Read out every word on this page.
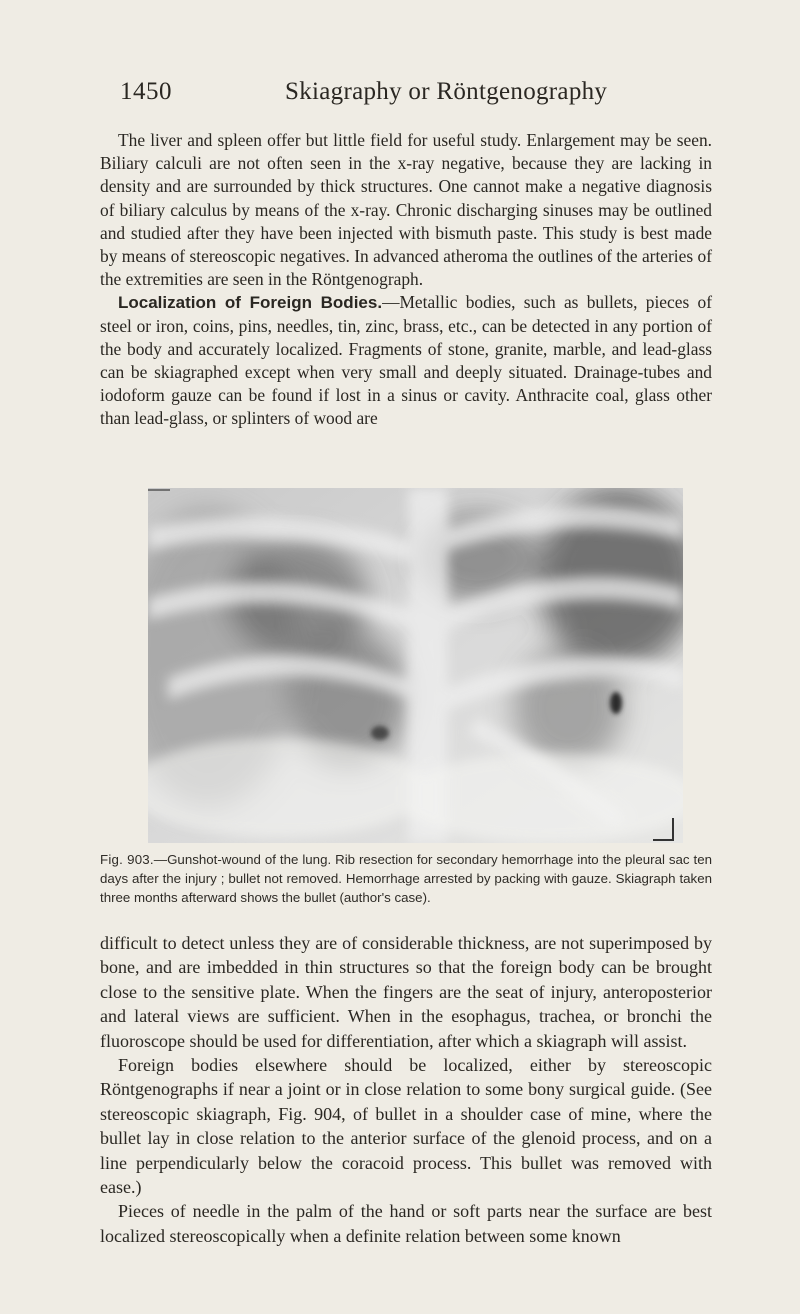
1450	Skiagraphy or Röntgenography

The liver and spleen offer but little field for useful study. Enlargement may be seen. Biliary calculi are not often seen in the x-ray negative, because they are lacking in density and are surrounded by thick structures. One cannot make a negative diagnosis of biliary calculus by means of the x-ray. Chronic discharging sinuses may be outlined and studied after they have been injected with bismuth paste. This study is best made by means of stereoscopic negatives. In advanced atheroma the outlines of the arteries of the extremities are seen in the Röntgenograph.

Localization of Foreign Bodies.—Metallic bodies, such as bullets, pieces of steel or iron, coins, pins, needles, tin, zinc, brass, etc., can be detected in any portion of the body and accurately localized. Fragments of stone, granite, marble, and lead-glass can be skiagraphed except when very small and deeply situated. Drainage-tubes and iodoform gauze can be found if lost in a sinus or cavity. Anthracite coal, glass other than lead-glass, or splinters of wood are

Fig. 903.—Gunshot-wound of the lung. Rib resection for secondary hemorrhage into the pleural sac ten days after the injury ; bullet not removed. Hemorrhage arrested by packing with gauze. Skiagraph taken three months afterward shows the bullet (author's case).

difficult to detect unless they are of considerable thickness, are not superimposed by bone, and are imbedded in thin structures so that the foreign body can be brought close to the sensitive plate. When the fingers are the seat of injury, anteroposterior and lateral views are sufficient. When in the esophagus, trachea, or bronchi the fluoroscope should be used for differentiation, after which a skiagraph will assist.

Foreign bodies elsewhere should be localized, either by stereoscopic Röntgenographs if near a joint or in close relation to some bony surgical guide. (See stereoscopic skiagraph, Fig. 904, of bullet in a shoulder case of mine, where the bullet lay in close relation to the anterior surface of the glenoid process, and on a line perpendicularly below the coracoid process. This bullet was removed with ease.)

Pieces of needle in the palm of the hand or soft parts near the surface are best localized stereoscopically when a definite relation between some known
